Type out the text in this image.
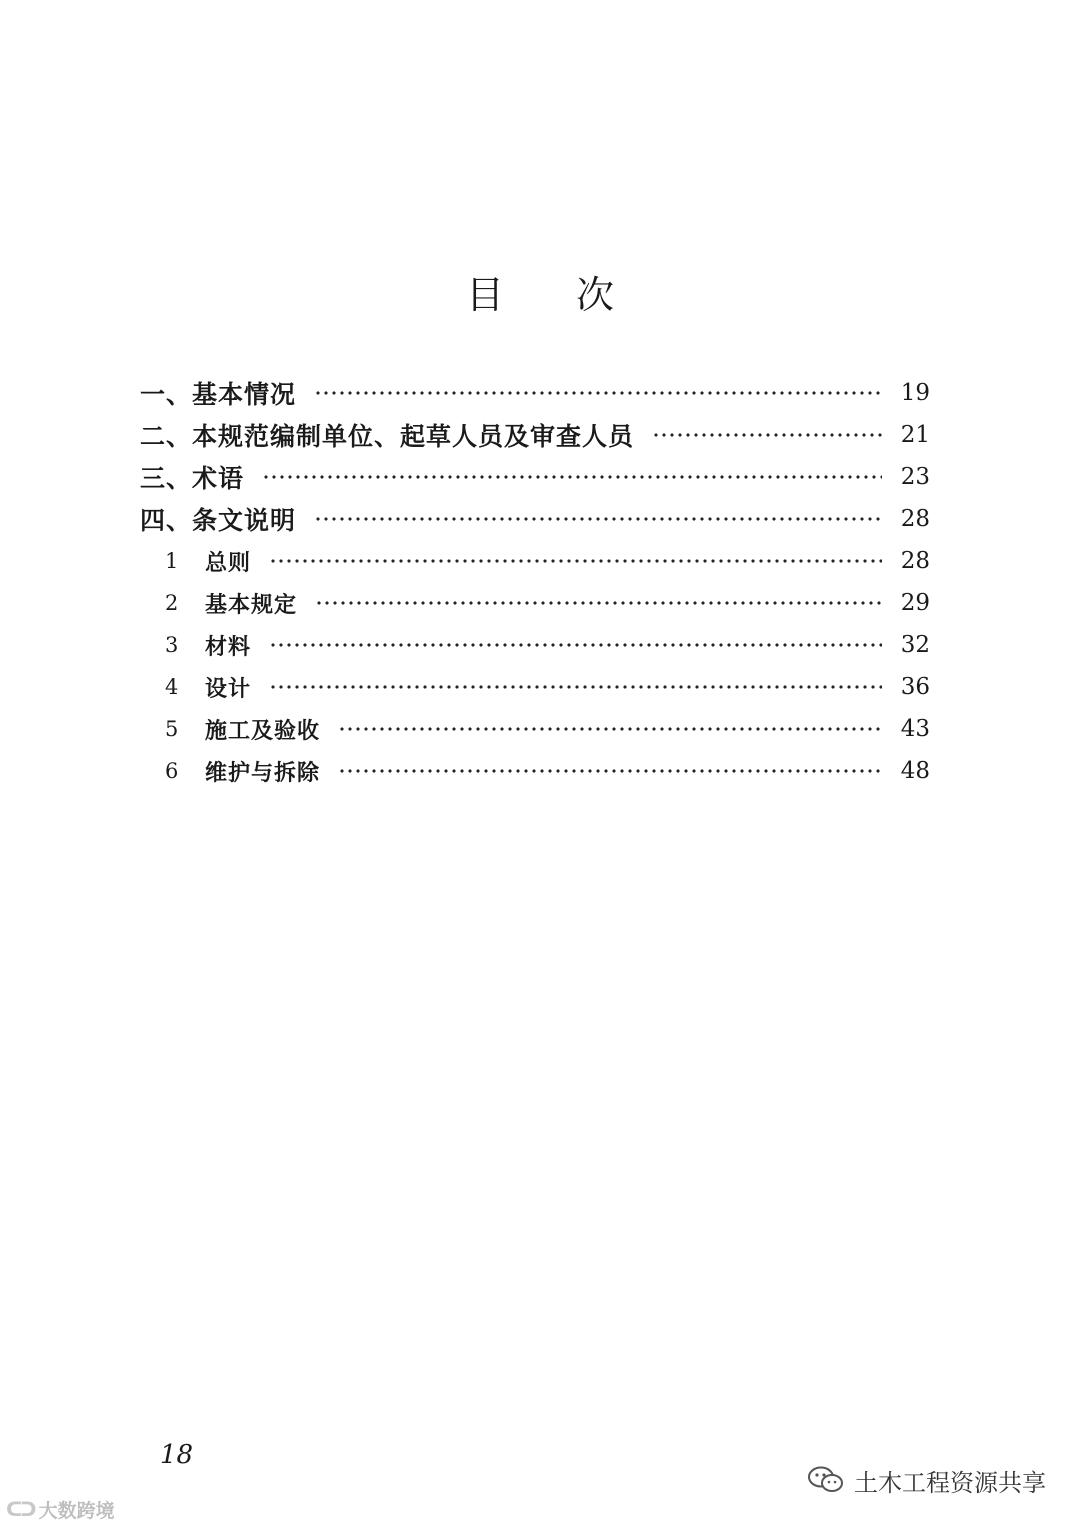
目 次
一、基本情况	19
二、本规范编制单位、起草人员及审查人员	21
三、术语	23
四、条文说明	28
1	总则	28
2	基本规定	29
3	材料	32
4	设计	36
5	施工及验收	43
6	维护与拆除	48
18
ᑕᑐ 大数跨境
土木工程资源共享
